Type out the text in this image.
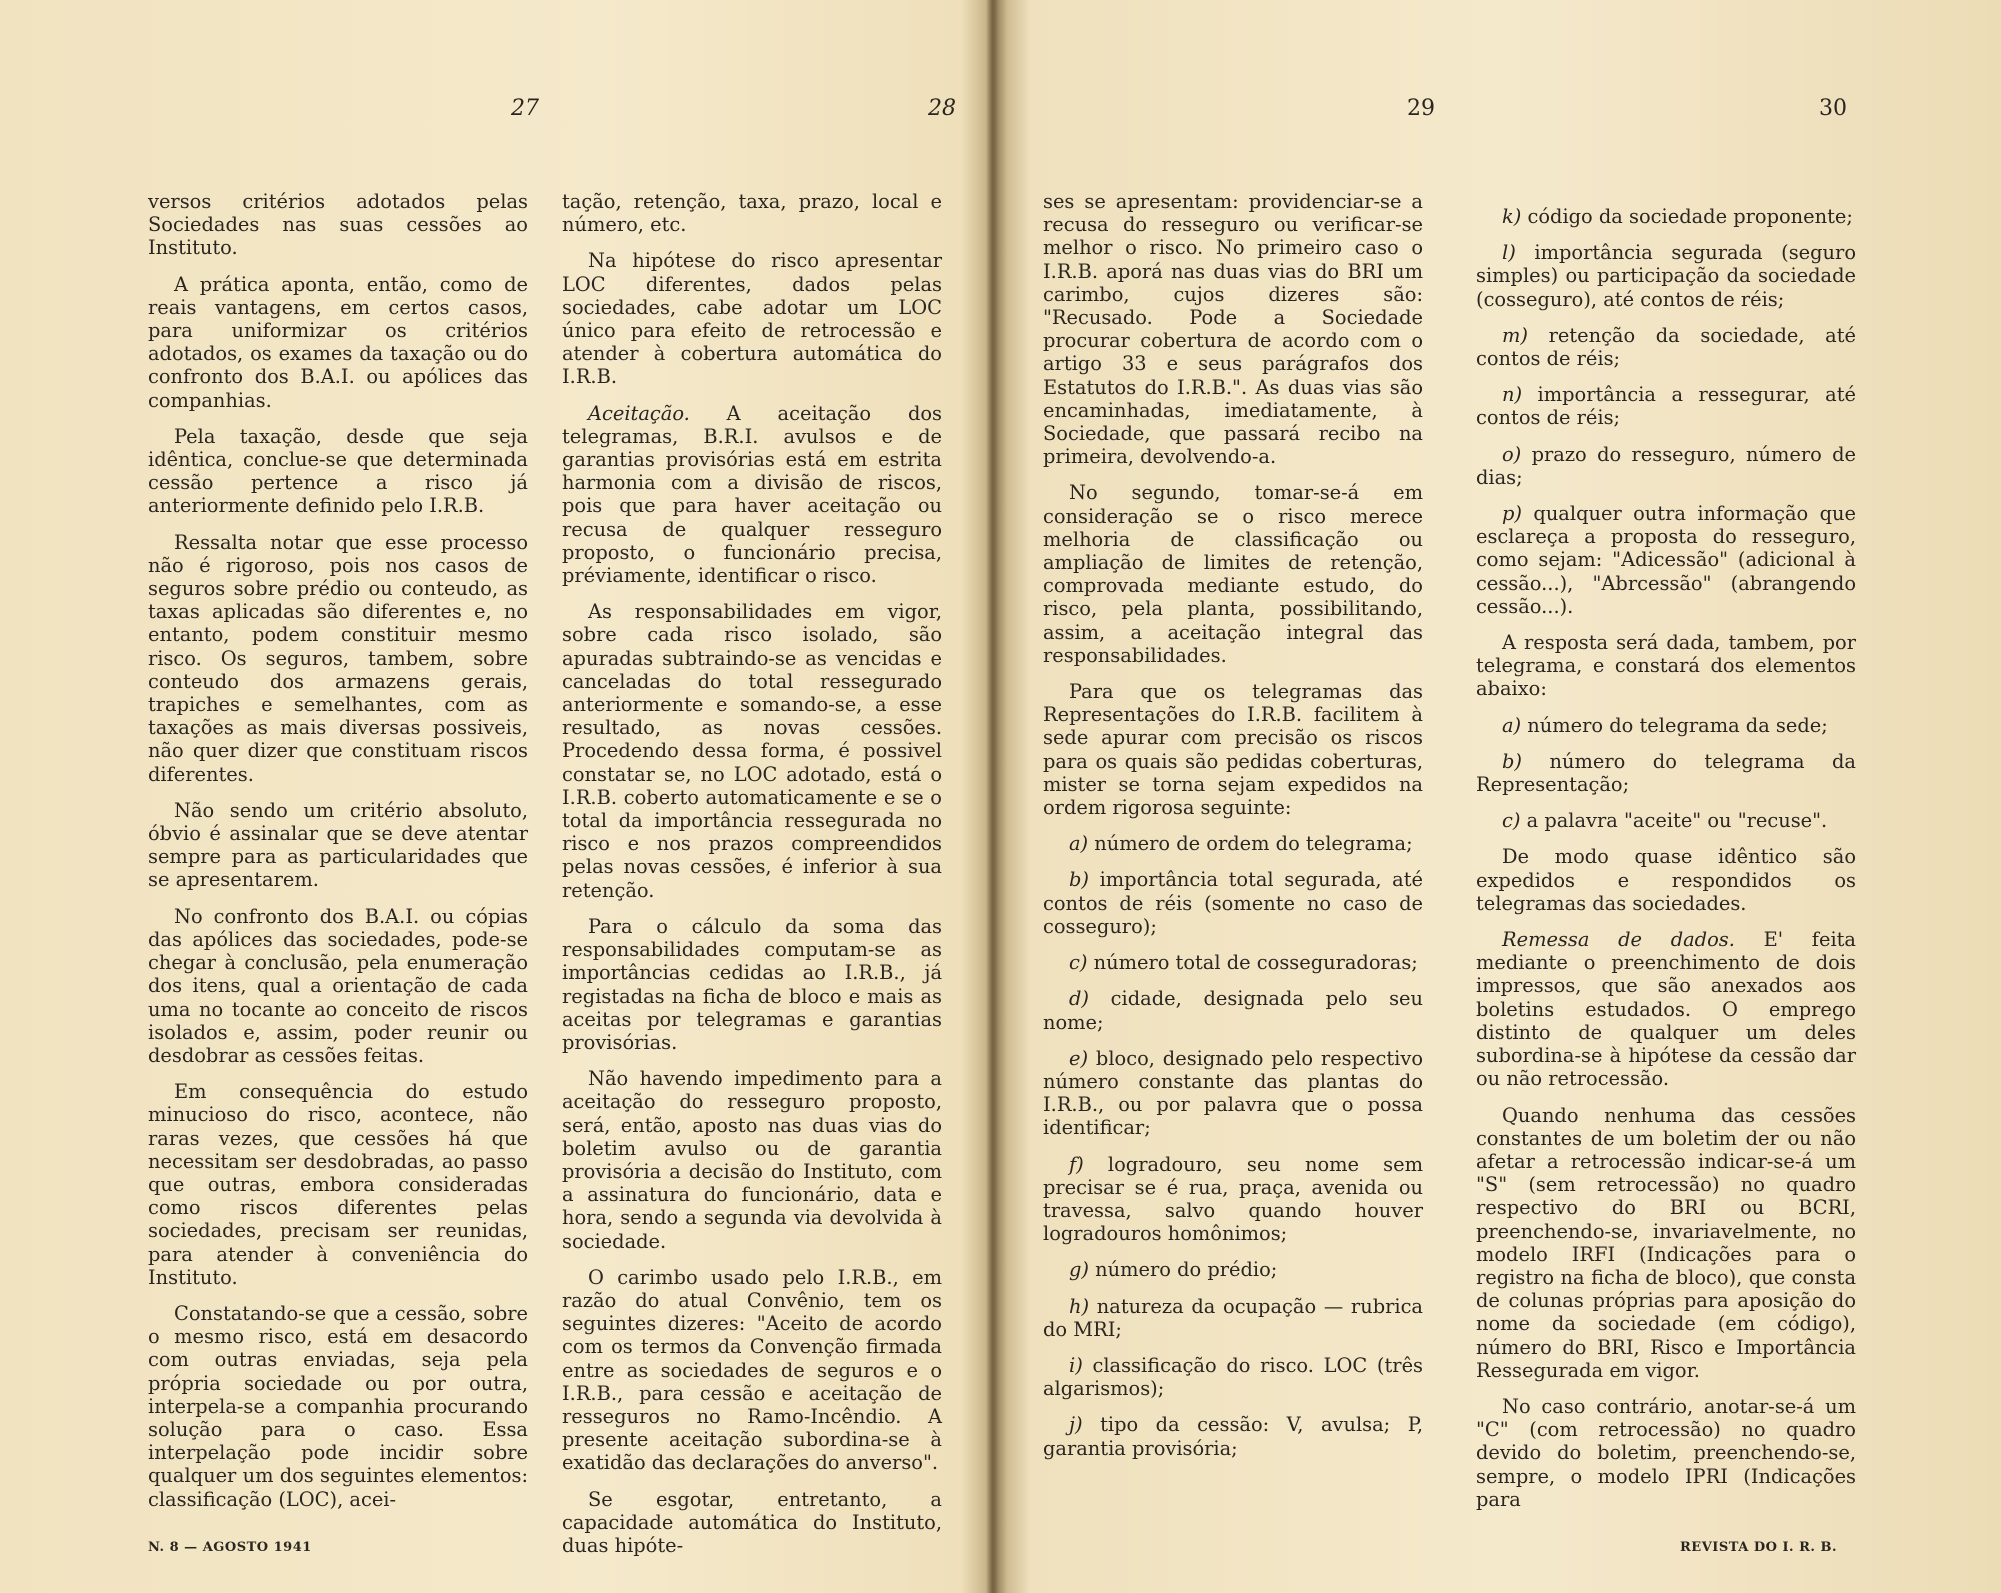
27	28	29	30

versos critérios adotados pelas Sociedades nas suas cessões ao Instituto.

A prática aponta, então, como de reais vantagens, em certos casos, para uniformizar os critérios adotados, os exames da taxação ou do confronto dos B.A.I. ou apólices das companhias.

Pela taxação, desde que seja idêntica, conclue-se que determinada cessão pertence a risco já anteriormente definido pelo I.R.B.

Ressalta notar que esse processo não é rigoroso, pois nos casos de seguros sobre prédio ou conteudo, as taxas aplicadas são diferentes e, no entanto, podem constituir mesmo risco. Os seguros, tambem, sobre conteudo dos armazens gerais, trapiches e semelhantes, com as taxações as mais diversas possiveis, não quer dizer que constituam riscos diferentes.

Não sendo um critério absoluto, óbvio é assinalar que se deve atentar sempre para as particularidades que se apresentarem.

No confronto dos B.A.I. ou cópias das apólices das sociedades, pode-se chegar à conclusão, pela enumeração dos itens, qual a orientação de cada uma no tocante ao conceito de riscos isolados e, assim, poder reunir ou desdobrar as cessões feitas.

Em consequência do estudo minucioso do risco, acontece, não raras vezes, que cessões há que necessitam ser desdobradas, ao passo que outras, embora consideradas como riscos diferentes pelas sociedades, precisam ser reunidas, para atender à conveniência do Instituto.

Constatando-se que a cessão, sobre o mesmo risco, está em desacordo com outras enviadas, seja pela própria sociedade ou por outra, interpela-se a companhia procurando solução para o caso. Essa interpelação pode incidir sobre qualquer um dos seguintes elementos: classificação (LOC), acei-

tação, retenção, taxa, prazo, local e número, etc.

Na hipótese do risco apresentar LOC diferentes, dados pelas sociedades, cabe adotar um LOC único para efeito de retrocessão e atender à cobertura automática do I.R.B.

Aceitação. A aceitação dos telegramas, B.R.I. avulsos e de garantias provisórias está em estrita harmonia com a divisão de riscos, pois que para haver aceitação ou recusa de qualquer resseguro proposto, o funcionário precisa, préviamente, identificar o risco.

As responsabilidades em vigor, sobre cada risco isolado, são apuradas subtraindo-se as vencidas e canceladas do total ressegurado anteriormente e somando-se, a esse resultado, as novas cessões. Procedendo dessa forma, é possivel constatar se, no LOC adotado, está o I.R.B. coberto automaticamente e se o total da importância ressegurada no risco e nos prazos compreendidos pelas novas cessões, é inferior à sua retenção.

Para o cálculo da soma das responsabilidades computam-se as importâncias cedidas ao I.R.B., já registadas na ficha de bloco e mais as aceitas por telegramas e garantias provisórias.

Não havendo impedimento para a aceitação do resseguro proposto, será, então, aposto nas duas vias do boletim avulso ou de garantia provisória a decisão do Instituto, com a assinatura do funcionário, data e hora, sendo a segunda via devolvida à sociedade.

O carimbo usado pelo I.R.B., em razão do atual Convênio, tem os seguintes dizeres: "Aceito de acordo com os termos da Convenção firmada entre as sociedades de seguros e o I.R.B., para cessão e aceitação de resseguros no Ramo-Incêndio. A presente aceitação subordina-se à exatidão das declarações do anverso".

Se esgotar, entretanto, a capacidade automática do Instituto, duas hipóte-

ses se apresentam: providenciar-se a recusa do resseguro ou verificar-se melhor o risco. No primeiro caso o I.R.B. aporá nas duas vias do BRI um carimbo, cujos dizeres são: "Recusado. Pode a Sociedade procurar cobertura de acordo com o artigo 33 e seus parágrafos dos Estatutos do I.R.B.". As duas vias são encaminhadas, imediatamente, à Sociedade, que passará recibo na primeira, devolvendo-a.

No segundo, tomar-se-á em consideração se o risco merece melhoria de classificação ou ampliação de limites de retenção, comprovada mediante estudo, do risco, pela planta, possibilitando, assim, a aceitação integral das responsabilidades.

Para que os telegramas das Representações do I.R.B. facilitem à sede apurar com precisão os riscos para os quais são pedidas coberturas, mister se torna sejam expedidos na ordem rigorosa seguinte:

a) número de ordem do telegrama;

b) importância total segurada, até contos de réis (somente no caso de cosseguro);

c) número total de cosseguradoras;

d) cidade, designada pelo seu nome;

e) bloco, designado pelo respectivo número constante das plantas do I.R.B., ou por palavra que o possa identificar;

f) logradouro, seu nome sem precisar se é rua, praça, avenida ou travessa, salvo quando houver logradouros homônimos;

g) número do prédio;

h) natureza da ocupação — rubrica do MRI;

i) classificação do risco. LOC (três algarismos);

j) tipo da cessão: V, avulsa; P, garantia provisória;

k) código da sociedade proponente;

l) importância segurada (seguro simples) ou participação da sociedade (cosseguro), até contos de réis;

m) retenção da sociedade, até contos de réis;

n) importância a ressegurar, até contos de réis;

o) prazo do resseguro, número de dias;

p) qualquer outra informação que esclareça a proposta do resseguro, como sejam: "Adicessão" (adicional à cessão...), "Abrcessão" (abrangendo cessão...).

A resposta será dada, tambem, por telegrama, e constará dos elementos abaixo:

a) número do telegrama da sede;

b) número do telegrama da Representação;

c) a palavra "aceite" ou "recuse".

De modo quase idêntico são expedidos e respondidos os telegramas das sociedades.

Remessa de dados. E' feita mediante o preenchimento de dois impressos, que são anexados aos boletins estudados. O emprego distinto de qualquer um deles subordina-se à hipótese da cessão dar ou não retrocessão.

Quando nenhuma das cessões constantes de um boletim der ou não afetar a retrocessão indicar-se-á um "S" (sem retrocessão) no quadro respectivo do BRI ou BCRI, preenchendo-se, invariavelmente, no modelo IRFI (Indicações para o registro na ficha de bloco), que consta de colunas próprias para aposição do nome da sociedade (em código), número do BRI, Risco e Importância Ressegurada em vigor.

No caso contrário, anotar-se-á um "C" (com retrocessão) no quadro devido do boletim, preenchendo-se, sempre, o modelo IPRI (Indicações para

N. 8 — AGOSTO 1941	REVISTA DO I. R. B.
